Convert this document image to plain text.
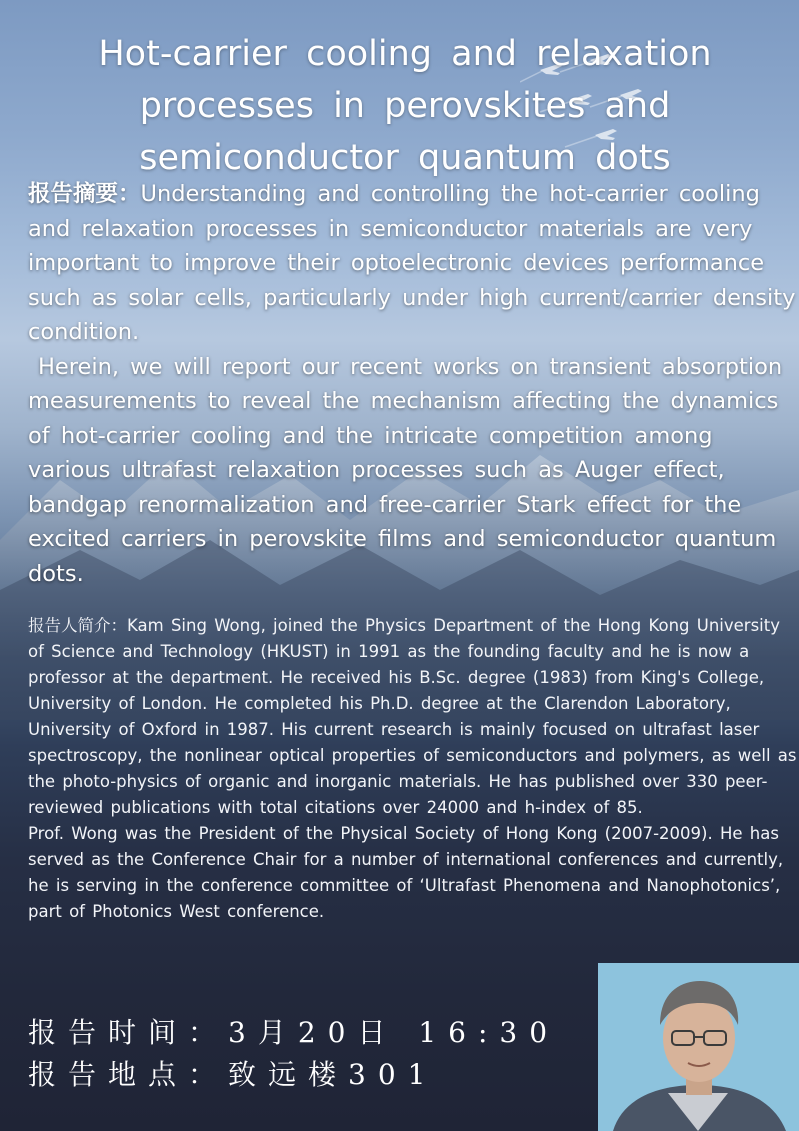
Hot-carrier cooling and relaxation processes in perovskites and semiconductor quantum dots

报告摘要：Understanding and controlling the hot-carrier cooling and relaxation processes in semiconductor materials are very important to improve their optoelectronic devices performance such as solar cells, particularly under high current/carrier density condition.

Herein, we will report our recent works on transient absorption measurements to reveal the mechanism affecting the dynamics of hot-carrier cooling and the intricate competition among various ultrafast relaxation processes such as Auger effect, bandgap renormalization and free-carrier Stark effect for the excited carriers in perovskite films and semiconductor quantum dots.

报告人简介：Kam Sing Wong, joined the Physics Department of the Hong Kong University of Science and Technology (HKUST) in 1991 as the founding faculty and he is now a professor at the department. He received his B.Sc. degree (1983) from King's College, University of London. He completed his Ph.D. degree at the Clarendon Laboratory, University of Oxford in 1987. His current research is mainly focused on ultrafast laser spectroscopy, the nonlinear optical properties of semiconductors and polymers, as well as the photo-physics of organic and inorganic materials. He has published over 330 peer-reviewed publications with total citations over 24000 and h-index of 85.

Prof. Wong was the President of the Physical Society of Hong Kong (2007-2009). He has served as the Conference Chair for a number of international conferences and currently, he is serving in the conference committee of ‘Ultrafast Phenomena and Nanophotonics’, part of Photonics West conference.

报告时间：3月20日 16:30
报告地点：致远楼301
